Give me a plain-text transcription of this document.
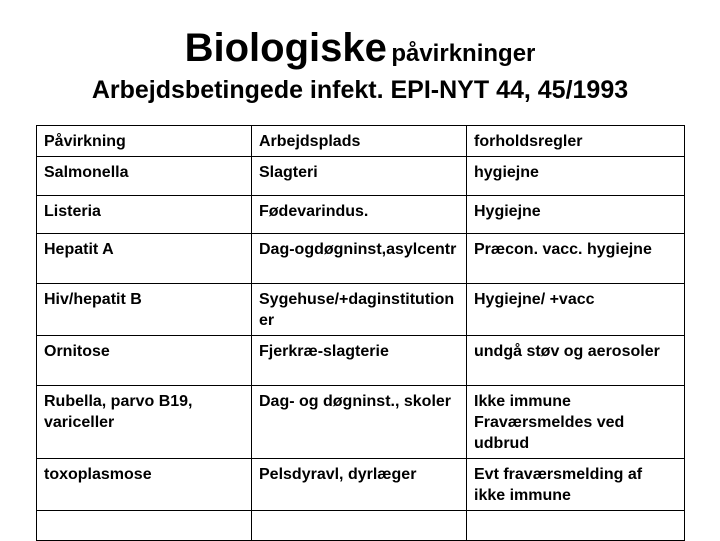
Biologiske påvirkninger
Arbejdsbetingede infekt. EPI-NYT 44, 45/1993
Påvirkning	Arbejdsplads	forholdsregler
Salmonella	Slagteri	hygiejne
Listeria	Fødevarindus.	Hygiejne
Hepatit A	Dag-ogdøgninst,asylcentr	Præcon. vacc. hygiejne
Hiv/hepatit B	Sygehuse/+daginstitutioner	Hygiejne/ +vacc
Ornitose	Fjerkræ-slagterie	undgå støv og aerosoler
Rubella, parvo B19, variceller	Dag- og døgninst., skoler	Ikke immune Fraværsmeldes ved udbrud
toxoplasmose	Pelsdyravl, dyrlæger	Evt fraværsmelding af ikke immune
